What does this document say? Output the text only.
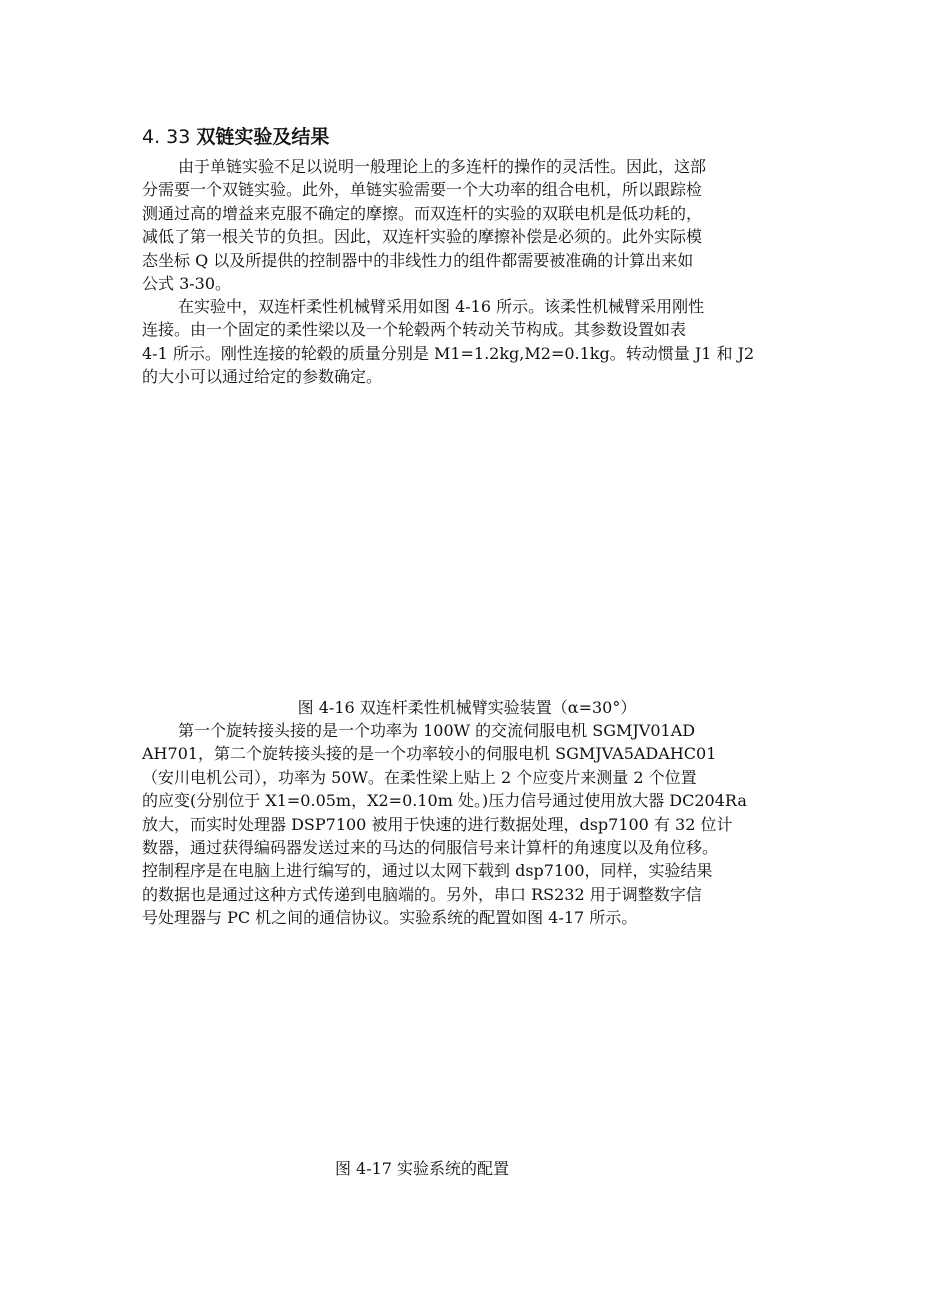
4. 33 双链实验及结果

由于单链实验不足以说明一般理论上的多连杆的操作的灵活性。因此，这部
分需要一个双链实验。此外，单链实验需要一个大功率的组合电机，所以跟踪检
测通过高的增益来克服不确定的摩擦。而双连杆的实验的双联电机是低功耗的，
减低了第一根关节的负担。因此，双连杆实验的摩擦补偿是必须的。此外实际模
态坐标 Q 以及所提供的控制器中的非线性力的组件都需要被准确的计算出来如
公式 3-30。

在实验中，双连杆柔性机械臂采用如图 4-16 所示。该柔性机械臂采用刚性
连接。由一个固定的柔性梁以及一个轮毂两个转动关节构成。其参数设置如表
4-1 所示。刚性连接的轮毂的质量分别是 M1=1.2kg,M2=0.1kg。转动惯量 J1 和 J2
的大小可以通过给定的参数确定。

图 4-16 双连杆柔性机械臂实验装置（α=30°）

第一个旋转接头接的是一个功率为 100W 的交流伺服电机 SGMJV01AD
AH701，第二个旋转接头接的是一个功率较小的伺服电机 SGMJVA5ADAHC01
（安川电机公司），功率为 50W。在柔性梁上贴上 2 个应变片来测量 2 个位置
的应变(分别位于 X1=0.05m，X2=0.10m 处。)压力信号通过使用放大器 DC204Ra
放大，而实时处理器 DSP7100 被用于快速的进行数据处理，dsp7100 有 32 位计
数器，通过获得编码器发送过来的马达的伺服信号来计算杆的角速度以及角位移。
控制程序是在电脑上进行编写的，通过以太网下载到 dsp7100，同样，实验结果
的数据也是通过这种方式传递到电脑端的。另外，串口 RS232 用于调整数字信
号处理器与 PC 机之间的通信协议。实验系统的配置如图 4-17 所示。

图 4-17 实验系统的配置
